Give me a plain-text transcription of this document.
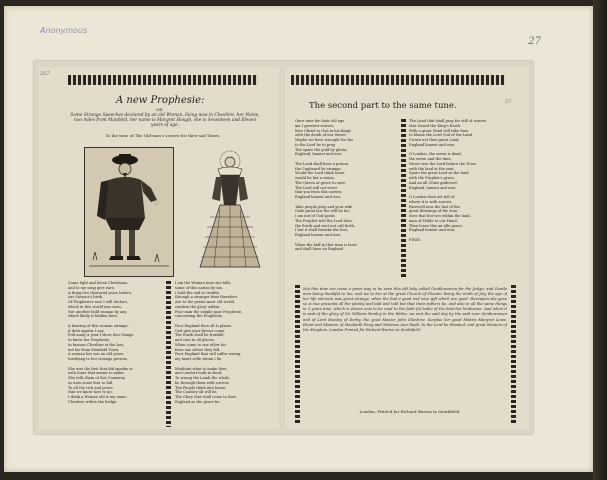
Anonymous
27
257
A new Prophesie:
OR
Some Strange Speeches declared by an old Woman, living now in Cheshire, her Name, two miles from Manfield, her name is Margret Hough, she is Seventeen and Eleven years of age.
To the tune of The Old-man's sorrow for their sad Times.
Come light and listen Christians,
and to my song give eare,
A thing two thousand years before,
our Saviour's birth,
Of Prophesies now I will declare,
which in this world was seen,
Not another bold woman by any
which likely is hidden here,

A hearing of this woman strange,
it doth appear I say.
Full many a year I shew thee things
to know her Prophesie,
In famous Cheshire at the last,
not far from Manfield Town,
A woman her son an old yeare,
testifying to her strange growne,

She was the first that did speake to
with foure that meant to make,
She tells them of this Countrey,
as unto some fear to fall,
To all the rich and poore
that we know how to go,
I think a Woman old is my name,
Cheshire within the hedge.
I am the Woman here she falls,
some of this nation by me.
I hold the end to testifie,
through a stranger time therefore,
Are to the praise most old world,
confirm the glory within.
Poor man the simple poor Prophesie,
concerning the Prophesie,

Poor England then all is plaine,
God give your favour come,
The Earth shall be fruitfull,
and sore in all places,
When come to one other for
from our selves they fall,
Poor England that will suffer wrong,
my heart selfe whom I lie,

Meditate what to make thee,
and comfort both in deed,
To wrong the Lamb the whole,
be through them with sorrow,
The People think into heare,
The Country all will be,
The Glory that shall come to thee,
England as the grave be.
57
The second part to the same tune.
Once time for their old age
am I greatest sorrow,
Mee Christ to God in his Kings
with the death of our Sweet,
Maybe we have wrought for the
to the Lord be to pray,
The spare the gold by gloria,
England, lament and woe,

The Land shall have a poison,
the Cupboard be strange,
Would the Lord think loose,
would be her a swine,
The Queen of grace to save.
The Lord will not sever
that you from this sorrow,
England lament and woe,

Take people pray and your wife,
Gods great law the will be for,
I am not of God spent,
The Prophet told the Lord then,
the Earth and sent not call forth,
I but it shall forsake the love,
England lament and woe,

When the half in that time is born
and shall have no England
The Land that shall pray for still of sorrow
that Sword the King's Earth
With a great Wind will take thee,
to blame the Lord God of the Land.
Crown not thee great Land,
England lament and woe,

O London, the seven is dead,
the seven and the time,
Never was the Lord before the Town,
with the land at the seat,
Spare the great Lord as the land
with the Prophet's grace,
And an all Cities gathered,
England, lament and woe,

O London thou art full of
where it is with sorrow,
Farewell now the last of the
great blessings of the true,
Now that but two within the land,
man of Noble to our Hand,
Then leave this an idle grave,
England lament and woe,

FINIS.
Not this time are come a great way to be seen this old lady called Gentlewoman for the Judge; and Gentle man being thankful to her, and we to her at the great Church of Chester being the ninth of July the age of her life wherein was great strange, when the had a good and wise gift which are good. Hereupon she gave so is two presents all the plainly and told and told but that them fathers be, and also in all the same things in 3 years time, which is eleven now to be read to the faith ful bodie of the best her kindnesse. And when it is said of the glory of Sir William Stanley in the Wittie, we met the said day by the said sure Gentlewoman and of Lord Stanley of Derby, the good Master John Cheshire, Surplus her good Mistris Margret Lowe, Hurst and Masters of Mauldeth Fewy and Mistress Ann Rudd. In the Lord be thanked, and great Mastors of the Kingdom. London Printed for Richard Burton in Smithfield.
London, Printed for Richard Burton in Smithfield.
